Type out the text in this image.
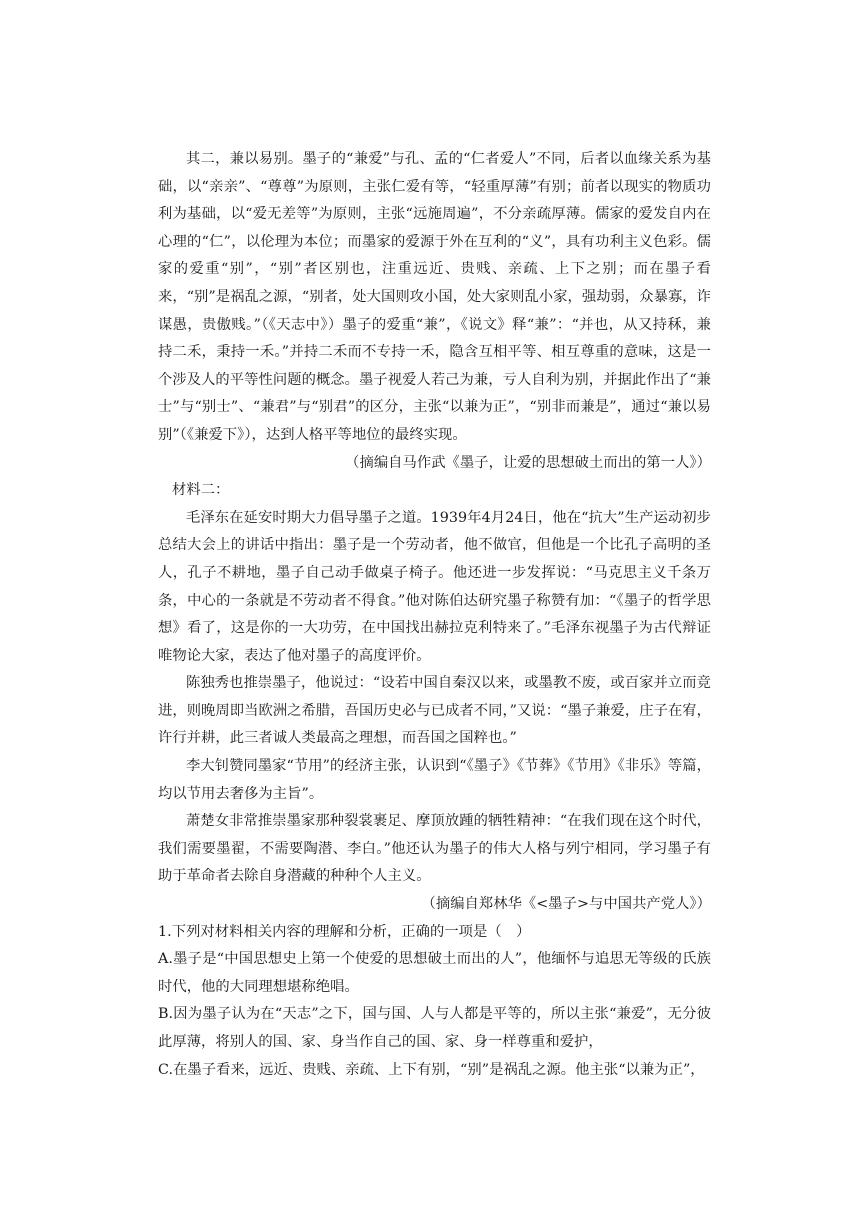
其二，兼以易别。墨子的“兼爱”与孔、孟的“仁者爱人”不同，后者以血缘关系为基础，以“亲亲”、“尊尊”为原则，主张仁爱有等，“轻重厚薄”有别；前者以现实的物质功利为基础，以“爱无差等”为原则，主张“远施周遍”，不分亲疏厚薄。儒家的爱发自内在心理的“仁”，以伦理为本位；而墨家的爱源于外在互利的“义”，具有功利主义色彩。儒家的爱重“别”，“别”者区别也，注重远近、贵贱、亲疏、上下之别；而在墨子看来，“别”是祸乱之源，“别者，处大国则攻小国，处大家则乱小家，强劫弱，众暴寡，诈谋愚，贵傲贱。”（《天志中》）墨子的爱重“兼”，《说文》释“兼”：“并也，从又持秝，兼持二禾，秉持一禾。”并持二禾而不专持一禾，隐含互相平等、相互尊重的意味，这是一个涉及人的平等性问题的概念。墨子视爱人若己为兼，亏人自利为别，并据此作出了“兼士”与“别士”、“兼君”与“别君”的区分，主张“以兼为正”，“别非而兼是”，通过“兼以易别”（《兼爱下》），达到人格平等地位的最终实现。

（摘编自马作武《墨子，让爱的思想破土而出的第一人》）

材料二：

毛泽东在延安时期大力倡导墨子之道。1939年4月24日，他在“抗大”生产运动初步总结大会上的讲话中指出：墨子是一个劳动者，他不做官，但他是一个比孔子高明的圣人，孔子不耕地，墨子自己动手做桌子椅子。他还进一步发挥说：“马克思主义千条万条，中心的一条就是不劳动者不得食。”他对陈伯达研究墨子称赞有加：“《墨子的哲学思想》看了，这是你的一大功劳，在中国找出赫拉克利特来了。”毛泽东视墨子为古代辩证唯物论大家，表达了他对墨子的高度评价。

陈独秀也推崇墨子，他说过：“设若中国自秦汉以来，或墨教不废，或百家并立而竞进，则晚周即当欧洲之希腊，吾国历史必与已成者不同，”又说：“墨子兼爱，庄子在宥，许行并耕，此三者诚人类最高之理想，而吾国之国粹也。”

李大钊赞同墨家“节用”的经济主张，认识到“《墨子》《节葬》《节用》《非乐》等篇，均以节用去奢侈为主旨”。

萧楚女非常推崇墨家那种裂裳裹足、摩顶放踵的牺牲精神：“在我们现在这个时代，我们需要墨翟，不需要陶潜、李白。”他还认为墨子的伟大人格与列宁相同，学习墨子有助于革命者去除自身潜藏的种种个人主义。

（摘编自郑林华《<墨子>与中国共产党人》）

1.下列对材料相关内容的理解和分析，正确的一项是（　）

A.墨子是“中国思想史上第一个使爱的思想破土而出的人”，他缅怀与追思无等级的氏族时代，他的大同理想堪称绝唱。

B.因为墨子认为在“天志”之下，国与国、人与人都是平等的，所以主张“兼爱”，无分彼此厚薄，将别人的国、家、身当作自己的国、家、身一样尊重和爱护，

C.在墨子看来，远近、贵贱、亲疏、上下有别，“别”是祸乱之源。他主张“以兼为正”，
